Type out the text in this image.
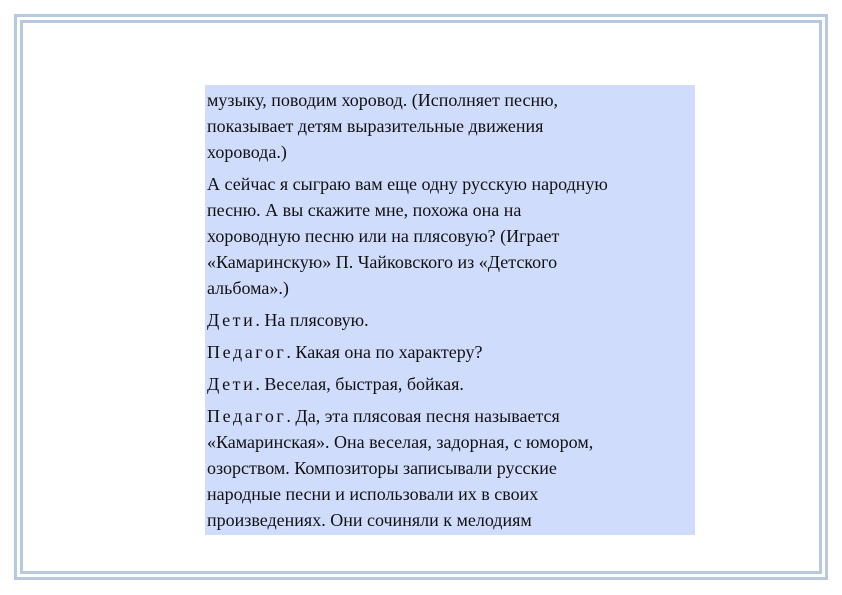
музыку, поводим хоровод. (Исполняет песню,
показывает детям выразительные движения
хоровода.)

А сейчас я сыграю вам еще одну русскую народную
песню. А вы скажите мне, похожа она на
хороводную песню или на плясовую? (Играет
«Камаринскую» П. Чайковского из «Детского
альбома».)

Дети. На плясовую.

Педагог. Какая она по характеру?

Дети. Веселая, быстрая, бойкая.

Педагог. Да, эта плясовая песня называется
«Камаринская». Она веселая, задорная, с юмором,
озорством. Композиторы записывали русские
народные песни и использовали их в своих
произведениях. Они сочиняли к мелодиям
